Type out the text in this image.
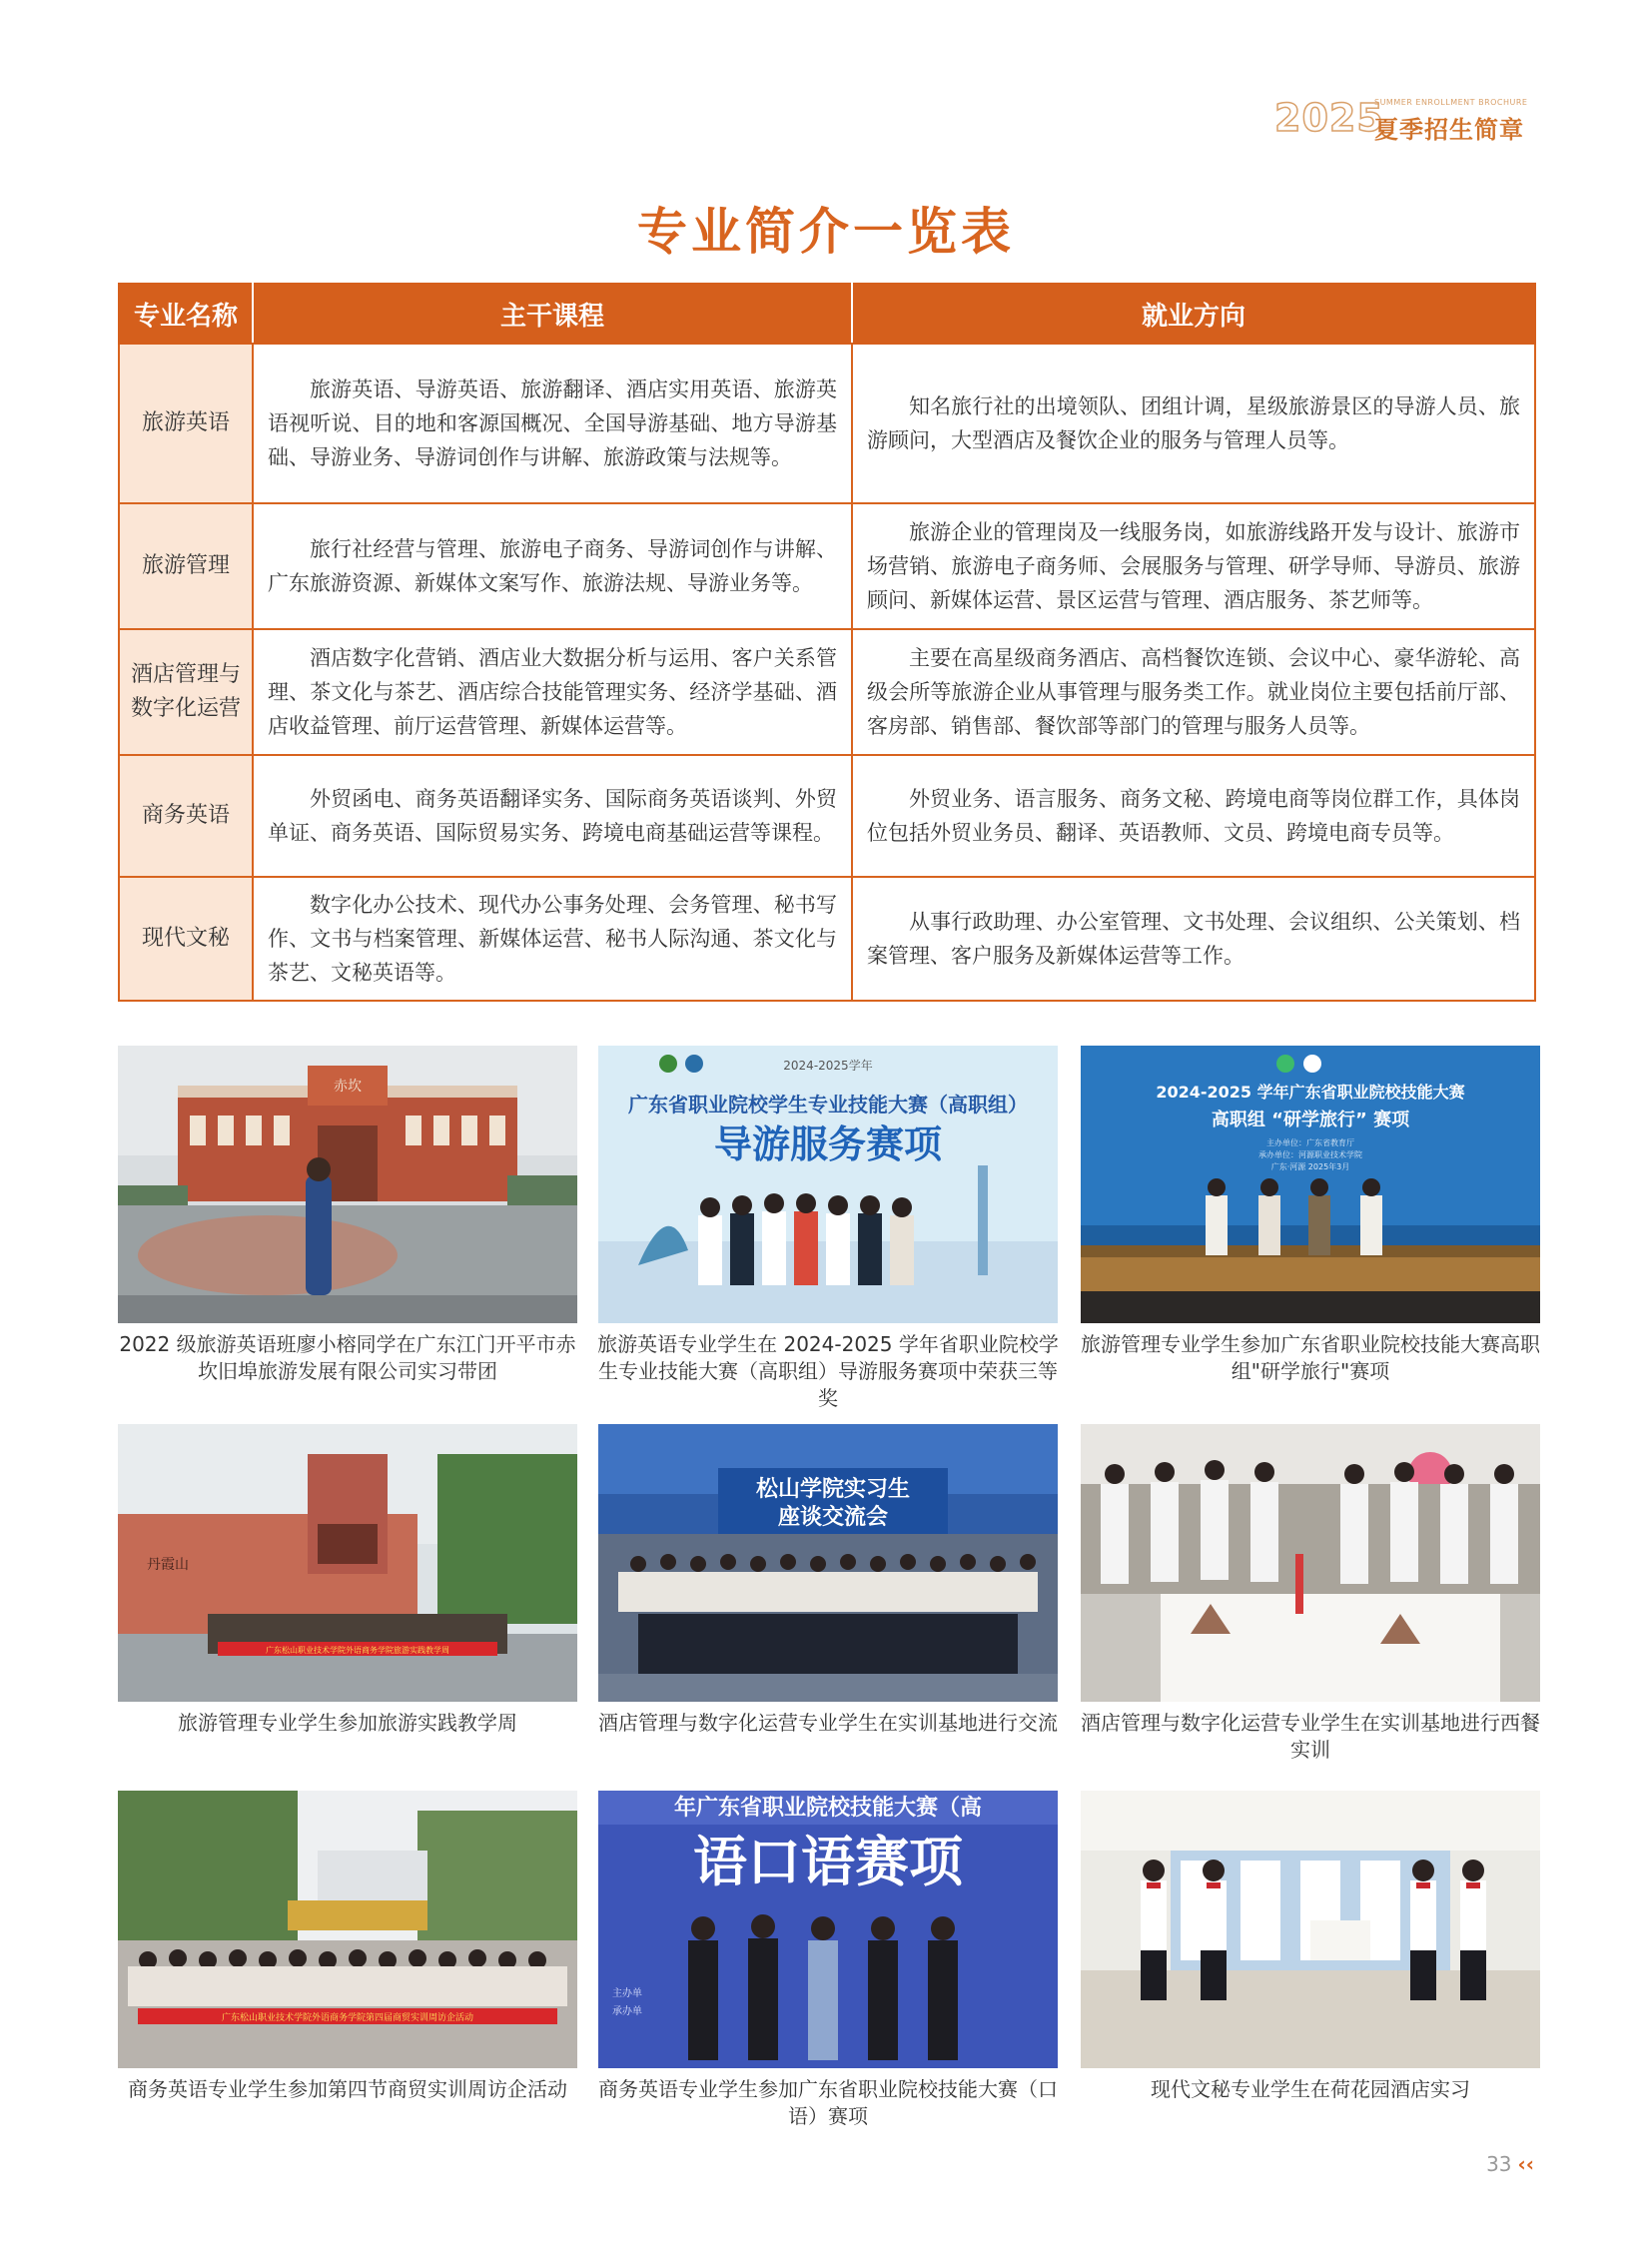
2025
SUMMER ENROLLMENT BROCHURE
夏季招生简章
专业简介一览表
专业名称	主干课程	就业方向
旅游英语	旅游英语、导游英语、旅游翻译、酒店实用英语、旅游英语视听说、目的地和客源国概况、全国导游基础、地方导游基础、导游业务、导游词创作与讲解、旅游政策与法规等。	知名旅行社的出境领队、团组计调，星级旅游景区的导游人员、旅游顾问，大型酒店及餐饮企业的服务与管理人员等。

旅游管理	旅行社经营与管理、旅游电子商务、导游词创作与讲解、广东旅游资源、新媒体文案写作、旅游法规、导游业务等。	旅游企业的管理岗及一线服务岗，如旅游线路开发与设计、旅游市场营销、旅游电子商务师、会展服务与管理、研学导师、导游员、旅游顾问、新媒体运营、景区运营与管理、酒店服务、茶艺师等。

酒店管理与数字化运营	酒店数字化营销、酒店业大数据分析与运用、客户关系管理、茶文化与茶艺、酒店综合技能管理实务、经济学基础、酒店收益管理、前厅运营管理、新媒体运营等。	主要在高星级商务酒店、高档餐饮连锁、会议中心、豪华游轮、高级会所等旅游企业从事管理与服务类工作。就业岗位主要包括前厅部、客房部、销售部、餐饮部等部门的管理与服务人员等。

商务英语	外贸函电、商务英语翻译实务、国际商务英语谈判、外贸单证、商务英语、国际贸易实务、跨境电商基础运营等课程。	外贸业务、语言服务、商务文秘、跨境电商等岗位群工作，具体岗位包括外贸业务员、翻译、英语教师、文员、跨境电商专员等。

现代文秘	数字化办公技术、现代办公事务处理、会务管理、秘书写作、文书与档案管理、新媒体运营、秘书人际沟通、茶文化与茶艺、文秘英语等。	从事行政助理、办公室管理、文书处理、会议组织、公关策划、档案管理、客户服务及新媒体运营等工作。
赤坎
2022 级旅游英语班廖小榕同学在广东江门开平市赤坎旧埠旅游发展有限公司实习带团
2024-2025学年
广东省职业院校学生专业技能大赛（高职组）
导游服务赛项
旅游英语专业学生在 2024-2025 学年省职业院校学生专业技能大赛（高职组）导游服务赛项中荣获三等奖
2024-2025 学年广东省职业院校技能大赛
高职组 “研学旅行” 赛项
主办单位：广东省教育厅
承办单位：河源职业技术学院
广东·河源 2025年3月
旅游管理专业学生参加广东省职业院校技能大赛高职组"研学旅行"赛项
丹霞山
广东松山职业技术学院外语商务学院旅游实践教学周
旅游管理专业学生参加旅游实践教学周
松山学院实习生
座谈交流会
酒店管理与数字化运营专业学生在实训基地进行交流 酒店管理与数字化运营专业学生在实训基地进行西餐实训
广东松山职业技术学院外语商务学院第四届商贸实训周访企活动
商务英语专业学生参加第四节商贸实训周访企活动
年广东省职业院校技能大赛（高
语口语赛项
主办单
承办单
商务英语专业学生参加广东省职业院校技能大赛（口语）赛项
现代文秘专业学生在荷花园酒店实习
33 ‹‹
